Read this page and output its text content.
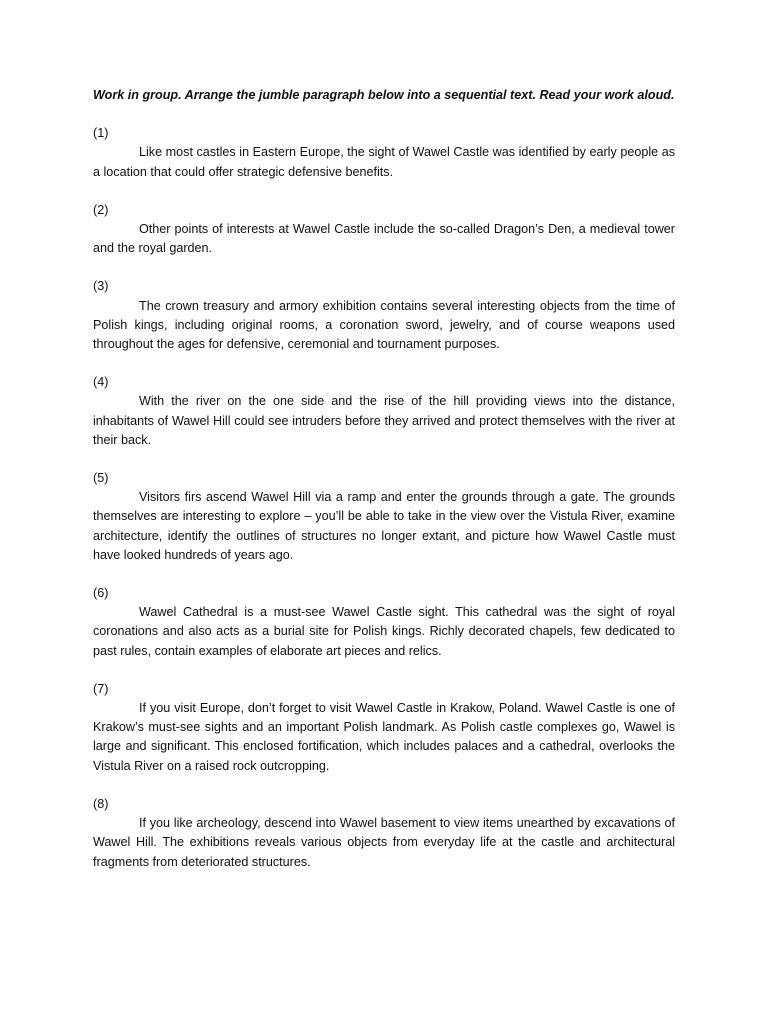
Work in group. Arrange the jumble paragraph below into a sequential text. Read your work aloud.

(1)

Like most castles in Eastern Europe, the sight of Wawel Castle was identified by early people as a location that could offer strategic defensive benefits.

(2)

Other points of interests at Wawel Castle include the so-called Dragon’s Den, a medieval tower and the royal garden.

(3)

The crown treasury and armory exhibition contains several interesting objects from the time of Polish kings, including original rooms, a coronation sword, jewelry, and of course weapons used throughout the ages for defensive, ceremonial and tournament purposes.

(4)

With the river on the one side and the rise of the hill providing views into the distance, inhabitants of Wawel Hill could see intruders before they arrived and protect themselves with the river at their back.

(5)

Visitors firs ascend Wawel Hill via a ramp and enter the grounds through a gate. The grounds themselves are interesting to explore – you’ll be able to take in the view over the Vistula River, examine architecture, identify the outlines of structures no longer extant, and picture how Wawel Castle must have looked hundreds of years ago.

(6)

Wawel Cathedral is a must-see Wawel Castle sight. This cathedral was the sight of royal coronations and also acts as a burial site for Polish kings. Richly decorated chapels, few dedicated to past rules, contain examples of elaborate art pieces and relics.

(7)

If you visit Europe, don’t forget to visit Wawel Castle in Krakow, Poland. Wawel Castle is one of Krakow’s must-see sights and an important Polish landmark. As Polish castle complexes go, Wawel is large and significant. This enclosed fortification, which includes palaces and a cathedral, overlooks the Vistula River on a raised rock outcropping.

(8)

If you like archeology, descend into Wawel basement to view items unearthed by excavations of Wawel Hill. The exhibitions reveals various objects from everyday life at the castle and architectural fragments from deteriorated structures.
